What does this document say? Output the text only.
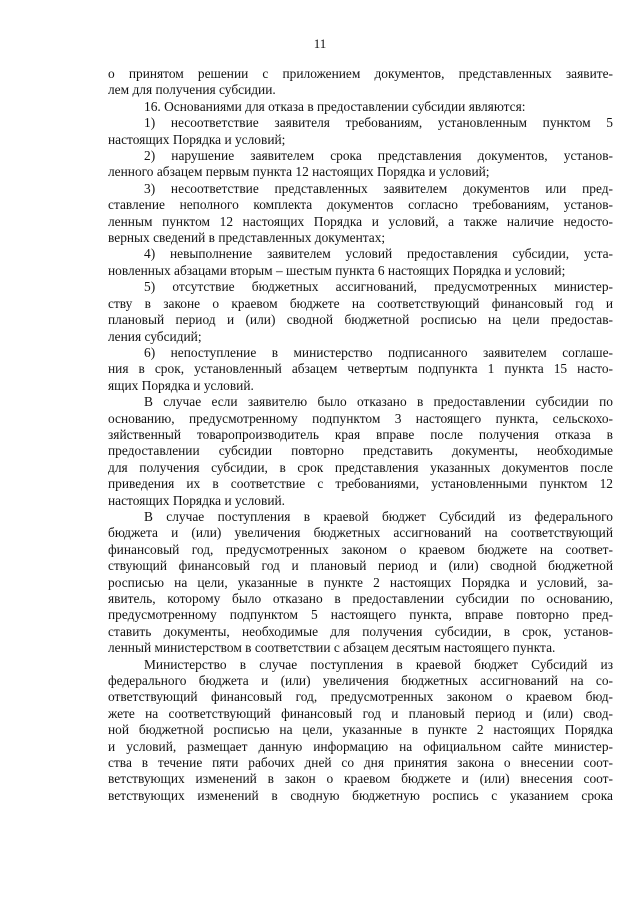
11

о принятом решении с приложением документов, представленных заявите-
лем для получения субсидии.

16. Основаниями для отказа в предоставлении субсидии являются:

1) несоответствие заявителя требованиям, установленным пунктом 5
настоящих Порядка и условий;

2) нарушение заявителем срока представления документов, установ-
ленного абзацем первым пункта 12 настоящих Порядка и условий;

3) несоответствие представленных заявителем документов или пред-
ставление неполного комплекта документов согласно требованиям, установ-
ленным пунктом 12 настоящих Порядка и условий, а также наличие недосто-
верных сведений в представленных документах;

4) невыполнение заявителем условий предоставления субсидии, уста-
новленных абзацами вторым – шестым пункта 6 настоящих Порядка и условий;

5) отсутствие бюджетных ассигнований, предусмотренных министер-
ству в законе о краевом бюджете на соответствующий финансовый год и
плановый период и (или) сводной бюджетной росписью на цели предостав-
ления субсидий;

6) непоступление в министерство подписанного заявителем соглаше-
ния в срок, установленный абзацем четвертым подпункта 1 пункта 15 насто-
ящих Порядка и условий.

В случае если заявителю было отказано в предоставлении субсидии по
основанию, предусмотренному подпунктом 3 настоящего пункта, сельскохо-
зяйственный товаропроизводитель края вправе после получения отказа в
предоставлении субсидии повторно представить документы, необходимые
для получения субсидии, в срок представления указанных документов после
приведения их в соответствие с требованиями, установленными пунктом 12
настоящих Порядка и условий.

В случае поступления в краевой бюджет Субсидий из федерального
бюджета и (или) увеличения бюджетных ассигнований на соответствующий
финансовый год, предусмотренных законом о краевом бюджете на соответ-
ствующий финансовый год и плановый период и (или) сводной бюджетной
росписью на цели, указанные в пункте 2 настоящих Порядка и условий, за-
явитель, которому было отказано в предоставлении субсидии по основанию,
предусмотренному подпунктом 5 настоящего пункта, вправе повторно пред-
ставить документы, необходимые для получения субсидии, в срок, установ-
ленный министерством в соответствии с абзацем десятым настоящего пункта.

Министерство в случае поступления в краевой бюджет Субсидий из
федерального бюджета и (или) увеличения бюджетных ассигнований на со-
ответствующий финансовый год, предусмотренных законом о краевом бюд-
жете на соответствующий финансовый год и плановый период и (или) свод-
ной бюджетной росписью на цели, указанные в пункте 2 настоящих Порядка
и условий, размещает данную информацию на официальном сайте министер-
ства в течение пяти рабочих дней со дня принятия закона о внесении соот-
ветствующих изменений в закон о краевом бюджете и (или) внесения соот-
ветствующих изменений в сводную бюджетную роспись с указанием срока
